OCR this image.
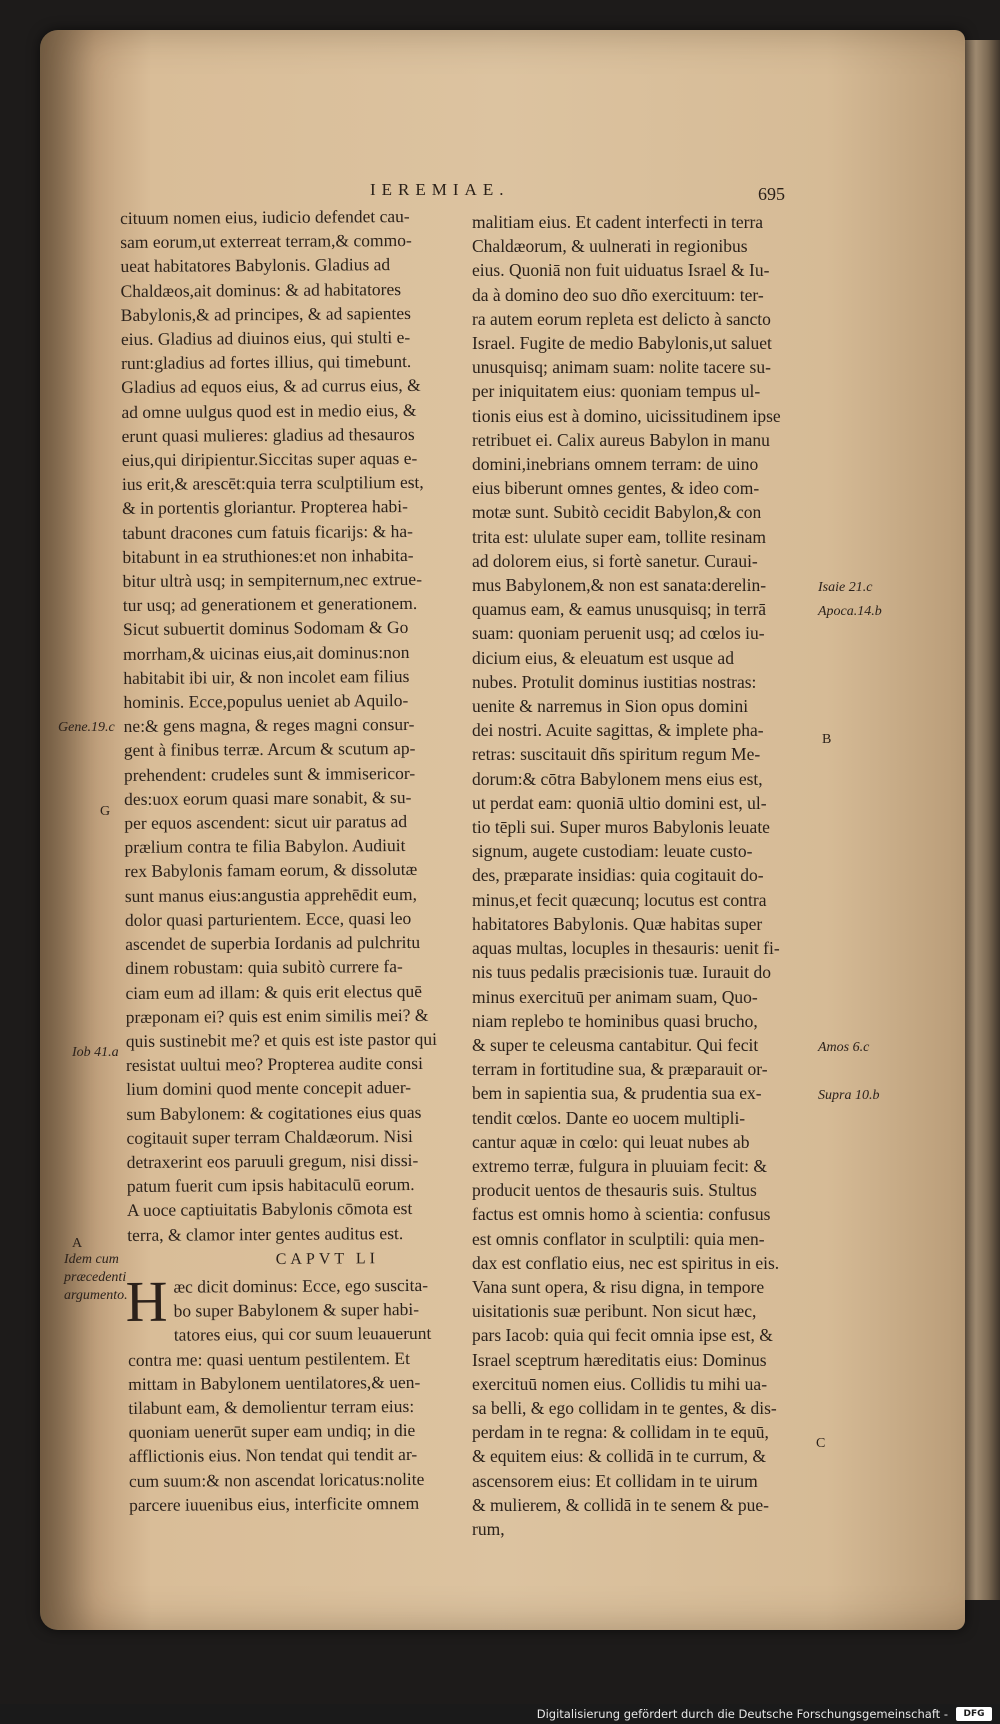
IEREMIAE.	695

cituum nomen eius, iudicio defendet cau-

sam eorum,ut exterreat terram,& commo-

ueat habitatores Babylonis. Gladius ad

Chaldæos,ait dominus: & ad habitatores

Babylonis,& ad principes, & ad sapientes

eius. Gladius ad diuinos eius, qui stulti e-

runt:gladius ad fortes illius, qui timebunt.

Gladius ad equos eius, & ad currus eius, &

ad omne uulgus quod est in medio eius, &

erunt quasi mulieres: gladius ad thesauros

eius,qui diripientur.Siccitas super aquas e-

ius erit,& arescēt:quia terra sculptilium est,

& in portentis gloriantur. Propterea habi-

tabunt dracones cum fatuis ficarijs: & ha-

bitabunt in ea struthiones:et non inhabita-

bitur ultrà usq; in sempiternum,nec extrue-

tur usq; ad generationem et generationem.

Sicut subuertit dominus Sodomam & Go

morrham,& uicinas eius,ait dominus:non

habitabit ibi uir, & non incolet eam filius

hominis. Ecce,populus ueniet ab Aquilo-

ne:& gens magna, & reges magni consur-

gent à finibus terræ. Arcum & scutum ap-

prehendent: crudeles sunt & immisericor-

des:uox eorum quasi mare sonabit, & su-

per equos ascendent: sicut uir paratus ad

prælium contra te filia Babylon. Audiuit

rex Babylonis famam eorum, & dissolutæ

sunt manus eius:angustia apprehēdit eum,

dolor quasi parturientem. Ecce, quasi leo

ascendet de superbia Iordanis ad pulchritu

dinem robustam: quia subitò currere fa-

ciam eum ad illam: & quis erit electus quē

præponam ei? quis est enim similis mei? &

quis sustinebit me? et quis est iste pastor qui

resistat uultui meo? Propterea audite consi

lium domini quod mente concepit aduer-

sum Babylonem: & cogitationes eius quas

cogitauit super terram Chaldæorum. Nisi

detraxerint eos paruuli gregum, nisi dissi-

patum fuerit cum ipsis habitaculū eorum.

A uoce captiuitatis Babylonis cōmota est

terra, & clamor inter gentes auditus est.

CAPVT LI

H æc dicit dominus: Ecce, ego suscita-

bo super Babylonem & super habi-

tatores eius, qui cor suum leuauerunt

contra me: quasi uentum pestilentem. Et

mittam in Babylonem uentilatores,& uen-

tilabunt eam, & demolientur terram eius:

quoniam uenerūt super eam undiq; in die

afflictionis eius. Non tendat qui tendit ar-

cum suum:& non ascendat loricatus:nolite

parcere iuuenibus eius, interficite omnem

malitiam eius. Et cadent interfecti in terra

Chaldæorum, & uulnerati in regionibus

eius. Quoniā non fuit uiduatus Israel & Iu-

da à domino deo suo dño exercituum: ter-

ra autem eorum repleta est delicto à sancto

Israel. Fugite de medio Babylonis,ut saluet

unusquisq; animam suam: nolite tacere su-

per iniquitatem eius: quoniam tempus ul-

tionis eius est à domino, uicissitudinem ipse

retribuet ei. Calix aureus Babylon in manu

domini,inebrians omnem terram: de uino

eius biberunt omnes gentes, & ideo com-

motæ sunt. Subitò cecidit Babylon,& con

trita est: ululate super eam, tollite resinam

ad dolorem eius, si fortè sanetur. Curaui-

mus Babylonem,& non est sanata:derelin-

quamus eam, & eamus unusquisq; in terrā

suam: quoniam peruenit usq; ad cœlos iu-

dicium eius, & eleuatum est usque ad

nubes. Protulit dominus iustitias nostras:

uenite & narremus in Sion opus domini

dei nostri. Acuite sagittas, & implete pha-

retras: suscitauit dñs spiritum regum Me-

dorum:& cōtra Babylonem mens eius est,

ut perdat eam: quoniā ultio domini est, ul-

tio tēpli sui. Super muros Babylonis leuate

signum, augete custodiam: leuate custo-

des, præparate insidias: quia cogitauit do-

minus,et fecit quæcunq; locutus est contra

habitatores Babylonis. Quæ habitas super

aquas multas, locuples in thesauris: uenit fi-

nis tuus pedalis præcisionis tuæ. Iurauit do

minus exercituū per animam suam, Quo-

niam replebo te hominibus quasi brucho,

& super te celeusma cantabitur. Qui fecit

terram in fortitudine sua, & præparauit or-

bem in sapientia sua, & prudentia sua ex-

tendit cœlos. Dante eo uocem multipli-

cantur aquæ in cœlo: qui leuat nubes ab

extremo terræ, fulgura in pluuiam fecit: &

producit uentos de thesauris suis. Stultus

factus est omnis homo à scientia: confusus

est omnis conflator in sculptili: quia men-

dax est conflatio eius, nec est spiritus in eis.

Vana sunt opera, & risu digna, in tempore

uisitationis suæ peribunt. Non sicut hæc,

pars Iacob: quia qui fecit omnia ipse est, &

Israel sceptrum hæreditatis eius: Dominus

exercituū nomen eius. Collidis tu mihi ua-

sa belli, & ego collidam in te gentes, & dis-

perdam in te regna: & collidam in te equū,

& equitem eius: & collidā in te currum, &

ascensorem eius: Et collidam in te uirum

& mulierem, & collidā in te senem & pue-

rum,

Gene.19.c
G
Iob 41.a
A
Idem cum
præcedenti
argumento.
Isaie 21.c
Apoca.14.b
B
Amos 6.c
Supra 10.b
C
Digitalisierung gefördert durch die Deutsche Forschungsgemeinschaft -	DFG
